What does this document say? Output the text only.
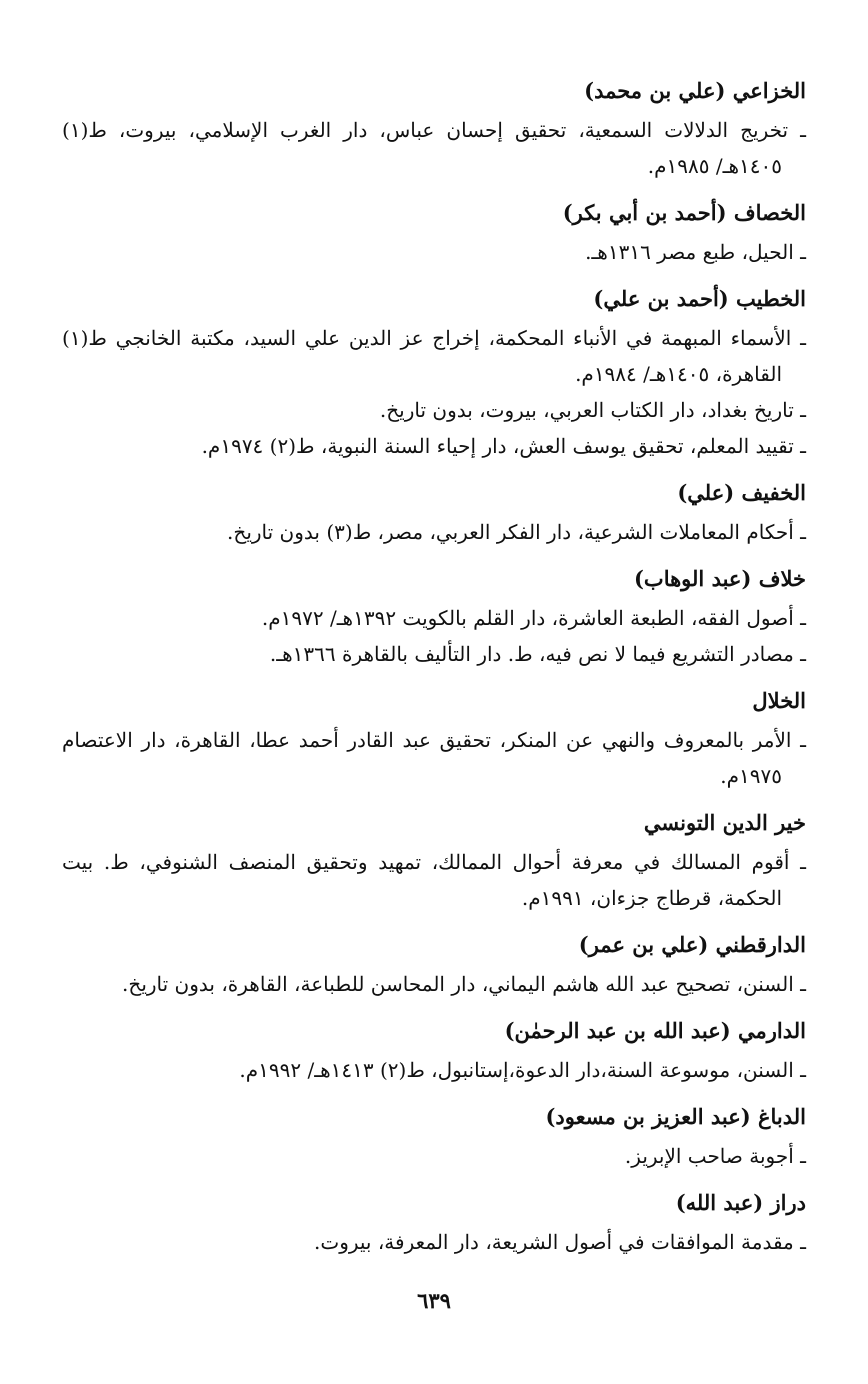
الخزاعي (علي بن محمد)
ـ تخريج الدلالات السمعية، تحقيق إحسان عباس، دار الغرب الإسلامي، بيروت، ط(١) ١٤٠٥هـ/ ١٩٨٥م.
الخصاف (أحمد بن أبي بكر)
ـ الحيل، طبع مصر ١٣١٦هـ.
الخطيب (أحمد بن علي)
ـ الأسماء المبهمة في الأنباء المحكمة، إخراج عز الدين علي السيد، مكتبة الخانجي ط(١) القاهرة، ١٤٠٥هـ/ ١٩٨٤م.
ـ تاريخ بغداد، دار الكتاب العربي، بيروت، بدون تاريخ.
ـ تقييد المعلم، تحقيق يوسف العش، دار إحياء السنة النبوية، ط(٢) ١٩٧٤م.
الخفيف (علي)
ـ أحكام المعاملات الشرعية، دار الفكر العربي، مصر، ط(٣) بدون تاريخ.
خلاف (عبد الوهاب)
ـ أصول الفقه، الطبعة العاشرة، دار القلم بالكويت ١٣٩٢هـ/ ١٩٧٢م.
ـ مصادر التشريع فيما لا نص فيه، ط. دار التأليف بالقاهرة ١٣٦٦هـ.
الخلال
ـ الأمر بالمعروف والنهي عن المنكر، تحقيق عبد القادر أحمد عطا، القاهرة، دار الاعتصام ١٩٧٥م.
خير الدين التونسي
ـ أقوم المسالك في معرفة أحوال الممالك، تمهيد وتحقيق المنصف الشنوفي، ط. بيت الحكمة، قرطاج جزءان، ١٩٩١م.
الدارقطني (علي بن عمر)
ـ السنن، تصحيح عبد الله هاشم اليماني، دار المحاسن للطباعة، القاهرة، بدون تاريخ.
الدارمي (عبد الله بن عبد الرحمٰن)
ـ السنن، موسوعة السنة،دار الدعوة،إستانبول، ط(٢) ١٤١٣هـ/ ١٩٩٢م.
الدباغ (عبد العزيز بن مسعود)
ـ أجوبة صاحب الإبريز.
دراز (عبد الله)
ـ مقدمة الموافقات في أصول الشريعة، دار المعرفة، بيروت.
٦٣٩
